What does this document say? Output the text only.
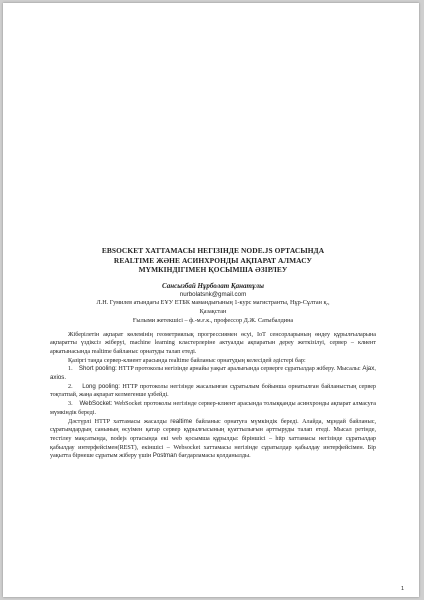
EBSOCKET ХАТТАМАСЫ НЕГІЗІНДЕ NODE.JS ОРТАСЫНДА
REALTIME ЖӘНЕ АСИНХРОНДЫ АҚПАРАТ АЛМАСУ
МҮМКІНДІГІМЕН ҚОСЫМША ӘЗІРЛЕУ
Сансызбай Нұрболат Қанатұлы
nurbolatsnk@gmail.com
Л.Н. Гумилев атындағы ЕҰУ ЕТБК мамандығының 1-курс магистранты, Нұр-Сұлтан қ.,
Қазақстан
Ғылыми жетекшісі – ф.-м.ғ.к., профессор Д.Ж. Сатыбалдина

Жіберілетін ақпарат көлемінің геометриялық прогрессиямен өсуі, IoT сенсорларының өндеу құрылғыларына ақпаратты үздіксіз жіберуі, machine learning кластерлеріне актуалды ақпаратын дереу жеткізілуі, сервер – клиент аркатынасында realtime байланыс орнатуды талап етеді.

Қазіргі таңда сервер-клиент арасында realtime байланыс орнатудың келесідей әдістері бар:

1. Short pooling: HTTP протоколы негізінде арнайы уақыт аралығында серверге сұратылдар жіберу. Мысалы: Ajax, axios.

2. Long pooling: HTTP протоколы негізінде жасалынған сұратылым бойынша орнатылған байланыстың сервер тоқтатпай, жаңа ақпарат келмегенше ұзбейді.

3. WebSocket: WebSocket протоколы негізінде сервер-клиент арасында толыққанды асинхронды ақпарат алмасуға мүмкіндік береді.

Дәстүрлі HTTP хаттамасы жасалды realtime байланыс орнатуға мүмкіндік береді. Алайда, мұндай байланыс, сұратымдардың санының өсуімен қатар сервер құрылғысының қуаттылығын арттыруды талап етеді. Мысал ретінде, тестілеу мақсатында, nodejs ортасында екі web қосымша құрылды: біріншісі – http хаттамасы негізінде сұратылдар қабылдау интерфейсімен(REST), екіншісі – Websocket хаттамасы негізінде сұратылдар қабылдау интерфейсімен. Бір уақытта бірнеше сұратым жіберу үшін Postman бағдарламасы қолданылды.

1
